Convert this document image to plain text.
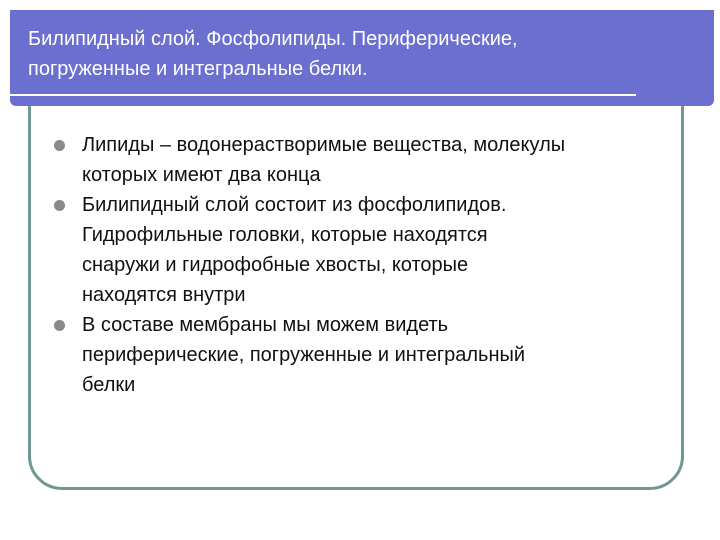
Билипидный слой. Фосфолипиды. Периферические,
погруженные и интегральные белки.
Липиды – водонерастворимые вещества, молекулы
которых имеют два конца
Билипидный слой состоит из фосфолипидов.
Гидрофильные головки, которые находятся
снаружи и гидрофобные хвосты, которые
находятся внутри
В составе мембраны мы можем видеть
периферические, погруженные и интегральный
белки
